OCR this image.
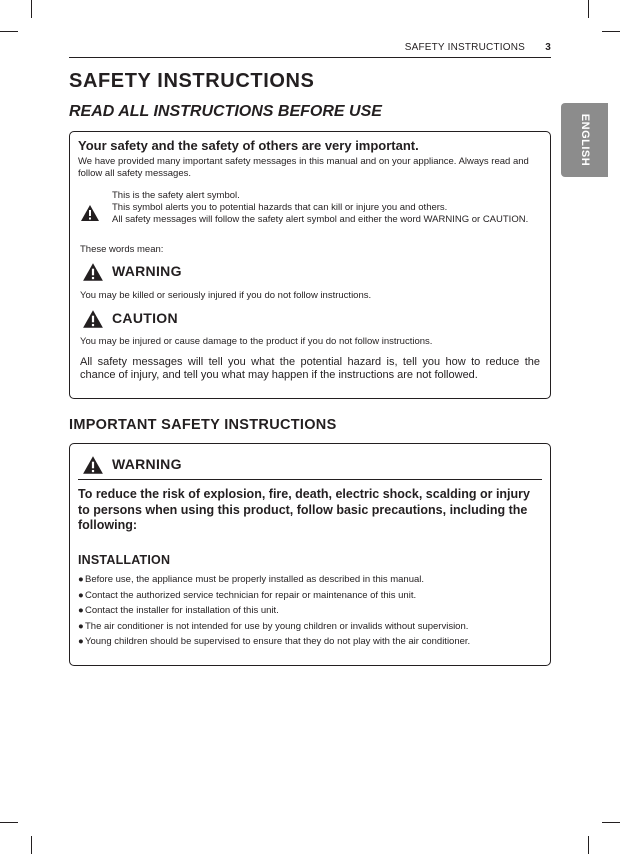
SAFETY INSTRUCTIONS 3
ENGLISH
SAFETY INSTRUCTIONS

READ ALL INSTRUCTIONS BEFORE USE

Your safety and the safety of others are very important.

We have provided many important safety messages in this manual and on your appliance. Always read and follow all safety messages.

This is the safety alert symbol.
This symbol alerts you to potential hazards that can kill or injure you and others.
All safety messages will follow the safety alert symbol and either the word WARNING or CAUTION.

These words mean:

WARNING

You may be killed or seriously injured if you do not follow instructions.

CAUTION

You may be injured or cause damage to the product if you do not follow instructions.

All safety messages will tell you what the potential hazard is, tell you how to reduce the chance of injury, and tell you what may happen if the instructions are not followed.

IMPORTANT SAFETY INSTRUCTIONS

WARNING

To reduce the risk of explosion, fire, death, electric shock, scalding or injury to persons when using this product, follow basic precautions, including the following:

INSTALLATION

●Before use, the appliance must be properly installed as described in this manual.
●Contact the authorized service technician for repair or maintenance of this unit.
●Contact the installer for installation of this unit.
●The air conditioner is not intended for use by young children or invalids without supervision.
●Young children should be supervised to ensure that they do not play with the air conditioner.
